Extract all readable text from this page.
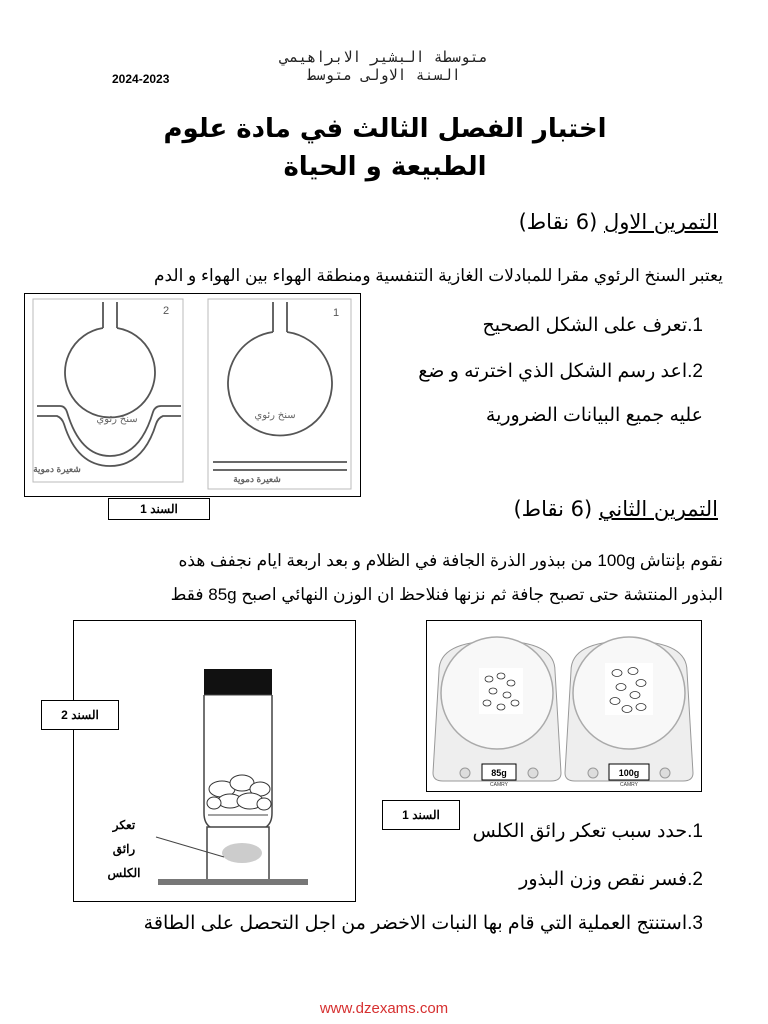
متوسطة البشير الابراهيمي
السنة الاولى متوسط
2024-2023
اختبار الفصل الثالث في مادة علوم
الطبيعة و الحياة
التمرين الاول (6 نقاط)
يعتبر السنخ الرئوي مقرا للمبادلات الغازية التنفسية ومنطقة الهواء بين الهواء و الدم
1.تعرف على الشكل الصحيح
2.اعد رسم الشكل الذي اخترته و ضع
عليه جميع البيانات الضرورية
2
سنخ رئوي
شعيرة دموية
1
سنخ رئوي
شعيرة دموية
السند 1	التمرين الثاني (6 نقاط)
نقوم بإنتاش 100g من ببذور الذرة الجافة في الظلام و بعد اربعة ايام نجفف هذه
البذور المنتشة حتى تصبح جافة ثم نزنها فنلاحظ ان الوزن النهائي اصبح 85g فقط
تعكر
رائق
الكلس
السند 2
85g
CAMRY
100g
CAMRY
السند 1
1.حدد سبب تعكر رائق الكلس
2.فسر نقص وزن البذور
3.استنتج العملية التي قام بها النبات الاخضر من اجل التحصل على الطاقة
www.dzexams.com
